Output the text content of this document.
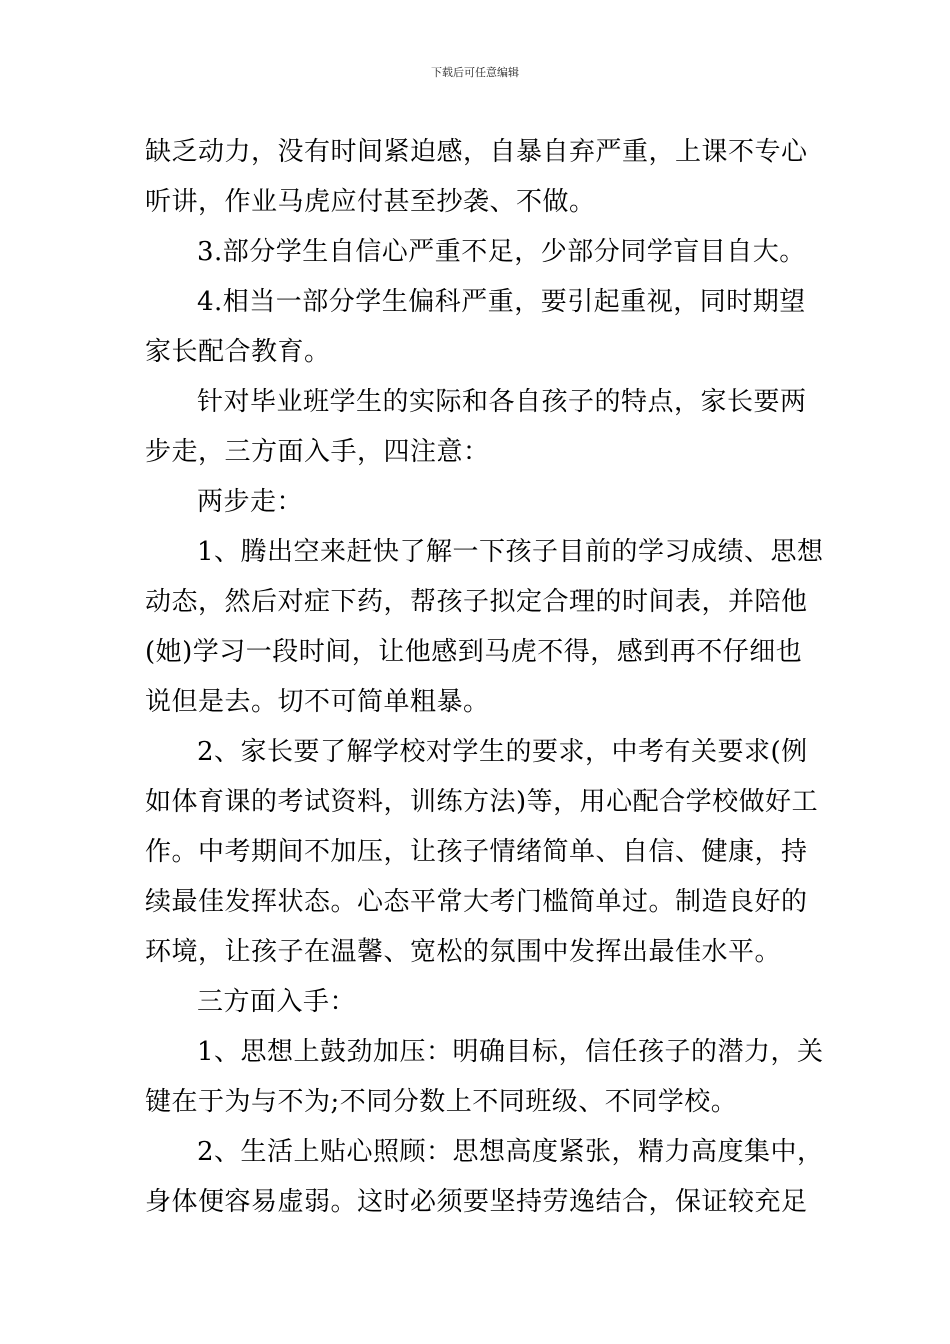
下载后可任意编辑
缺乏动力，没有时间紧迫感，自暴自弃严重，上课不专心
听讲，作业马虎应付甚至抄袭、不做。
3.部分学生自信心严重不足，少部分同学盲目自大。
4.相当一部分学生偏科严重，要引起重视，同时期望
家长配合教育。
针对毕业班学生的实际和各自孩子的特点，家长要两
步走，三方面入手，四注意：
两步走：
1、腾出空来赶快了解一下孩子目前的学习成绩、思想
动态，然后对症下药，帮孩子拟定合理的时间表，并陪他
(她)学习一段时间，让他感到马虎不得，感到再不仔细也
说但是去。切不可简单粗暴。
2、家长要了解学校对学生的要求，中考有关要求(例
如体育课的考试资料，训练方法)等，用心配合学校做好工
作。中考期间不加压，让孩子情绪简单、自信、健康，持
续最佳发挥状态。心态平常大考门槛简单过。制造良好的
环境，让孩子在温馨、宽松的氛围中发挥出最佳水平。
三方面入手：
1、思想上鼓劲加压：明确目标，信任孩子的潜力，关
键在于为与不为;不同分数上不同班级、不同学校。
2、生活上贴心照顾：思想高度紧张，精力高度集中，
身体便容易虚弱。这时必须要坚持劳逸结合，保证较充足
